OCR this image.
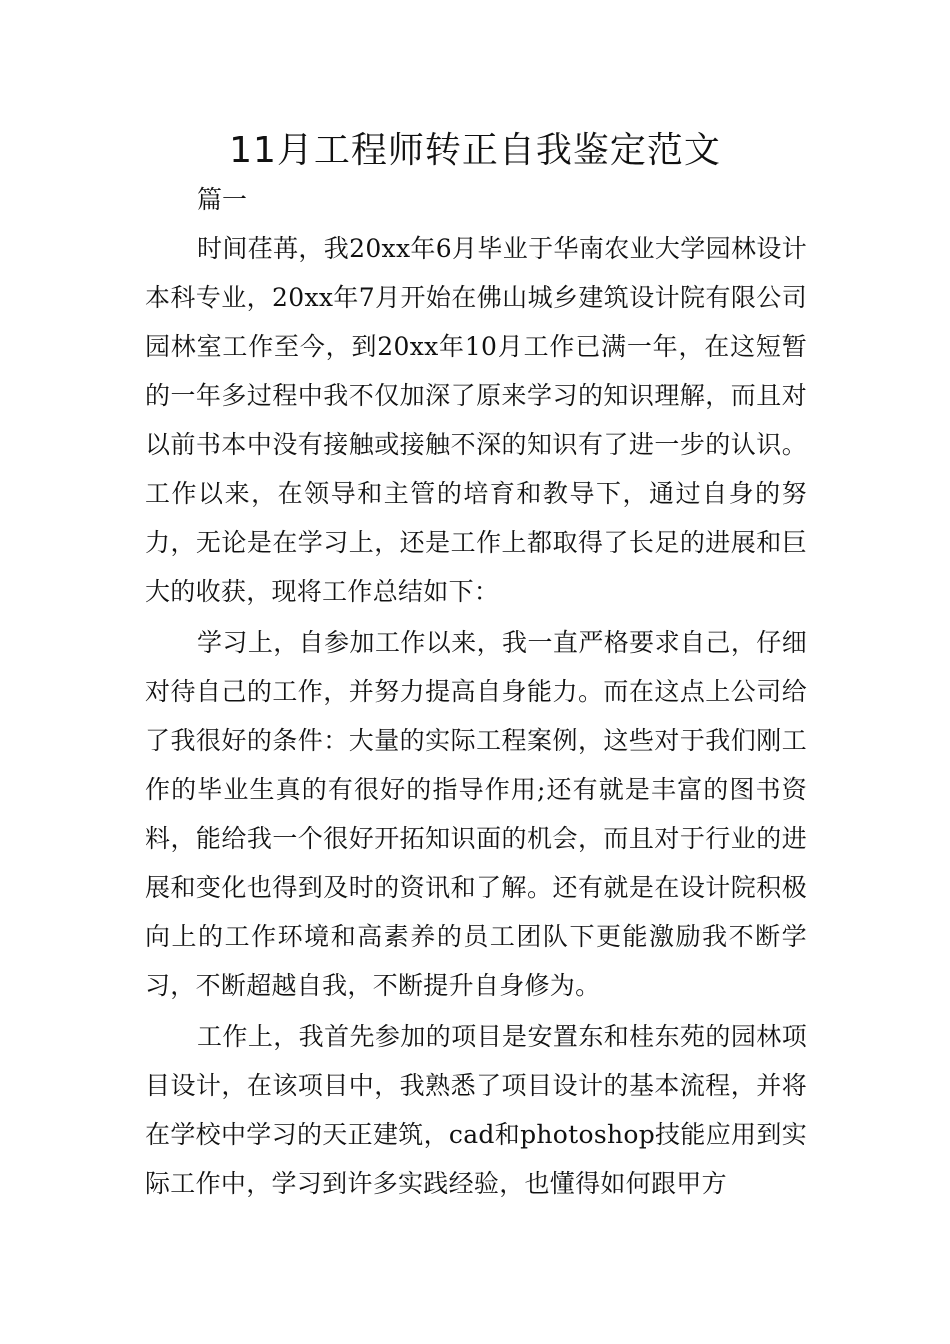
11月工程师转正自我鉴定范文

篇一

时间荏苒，我20xx年6月毕业于华南农业大学园林设计本科专业，20xx年7月开始在佛山城乡建筑设计院有限公司园林室工作至今，到20xx年10月工作已满一年，在这短暂的一年多过程中我不仅加深了原来学习的知识理解，而且对以前书本中没有接触或接触不深的知识有了进一步的认识。工作以来，在领导和主管的培育和教导下，通过自身的努力，无论是在学习上，还是工作上都取得了长足的进展和巨大的收获，现将工作总结如下：

学习上，自参加工作以来，我一直严格要求自己，仔细对待自己的工作，并努力提高自身能力。而在这点上公司给了我很好的条件：大量的实际工程案例，这些对于我们刚工作的毕业生真的有很好的指导作用;还有就是丰富的图书资料，能给我一个很好开拓知识面的机会，而且对于行业的进展和变化也得到及时的资讯和了解。还有就是在设计院积极向上的工作环境和高素养的员工团队下更能激励我不断学习，不断超越自我，不断提升自身修为。

工作上，我首先参加的项目是安置东和桂东苑的园林项目设计，在该项目中，我熟悉了项目设计的基本流程，并将在学校中学习的天正建筑，cad和photoshop技能应用到实际工作中，学习到许多实践经验，也懂得如何跟甲方
